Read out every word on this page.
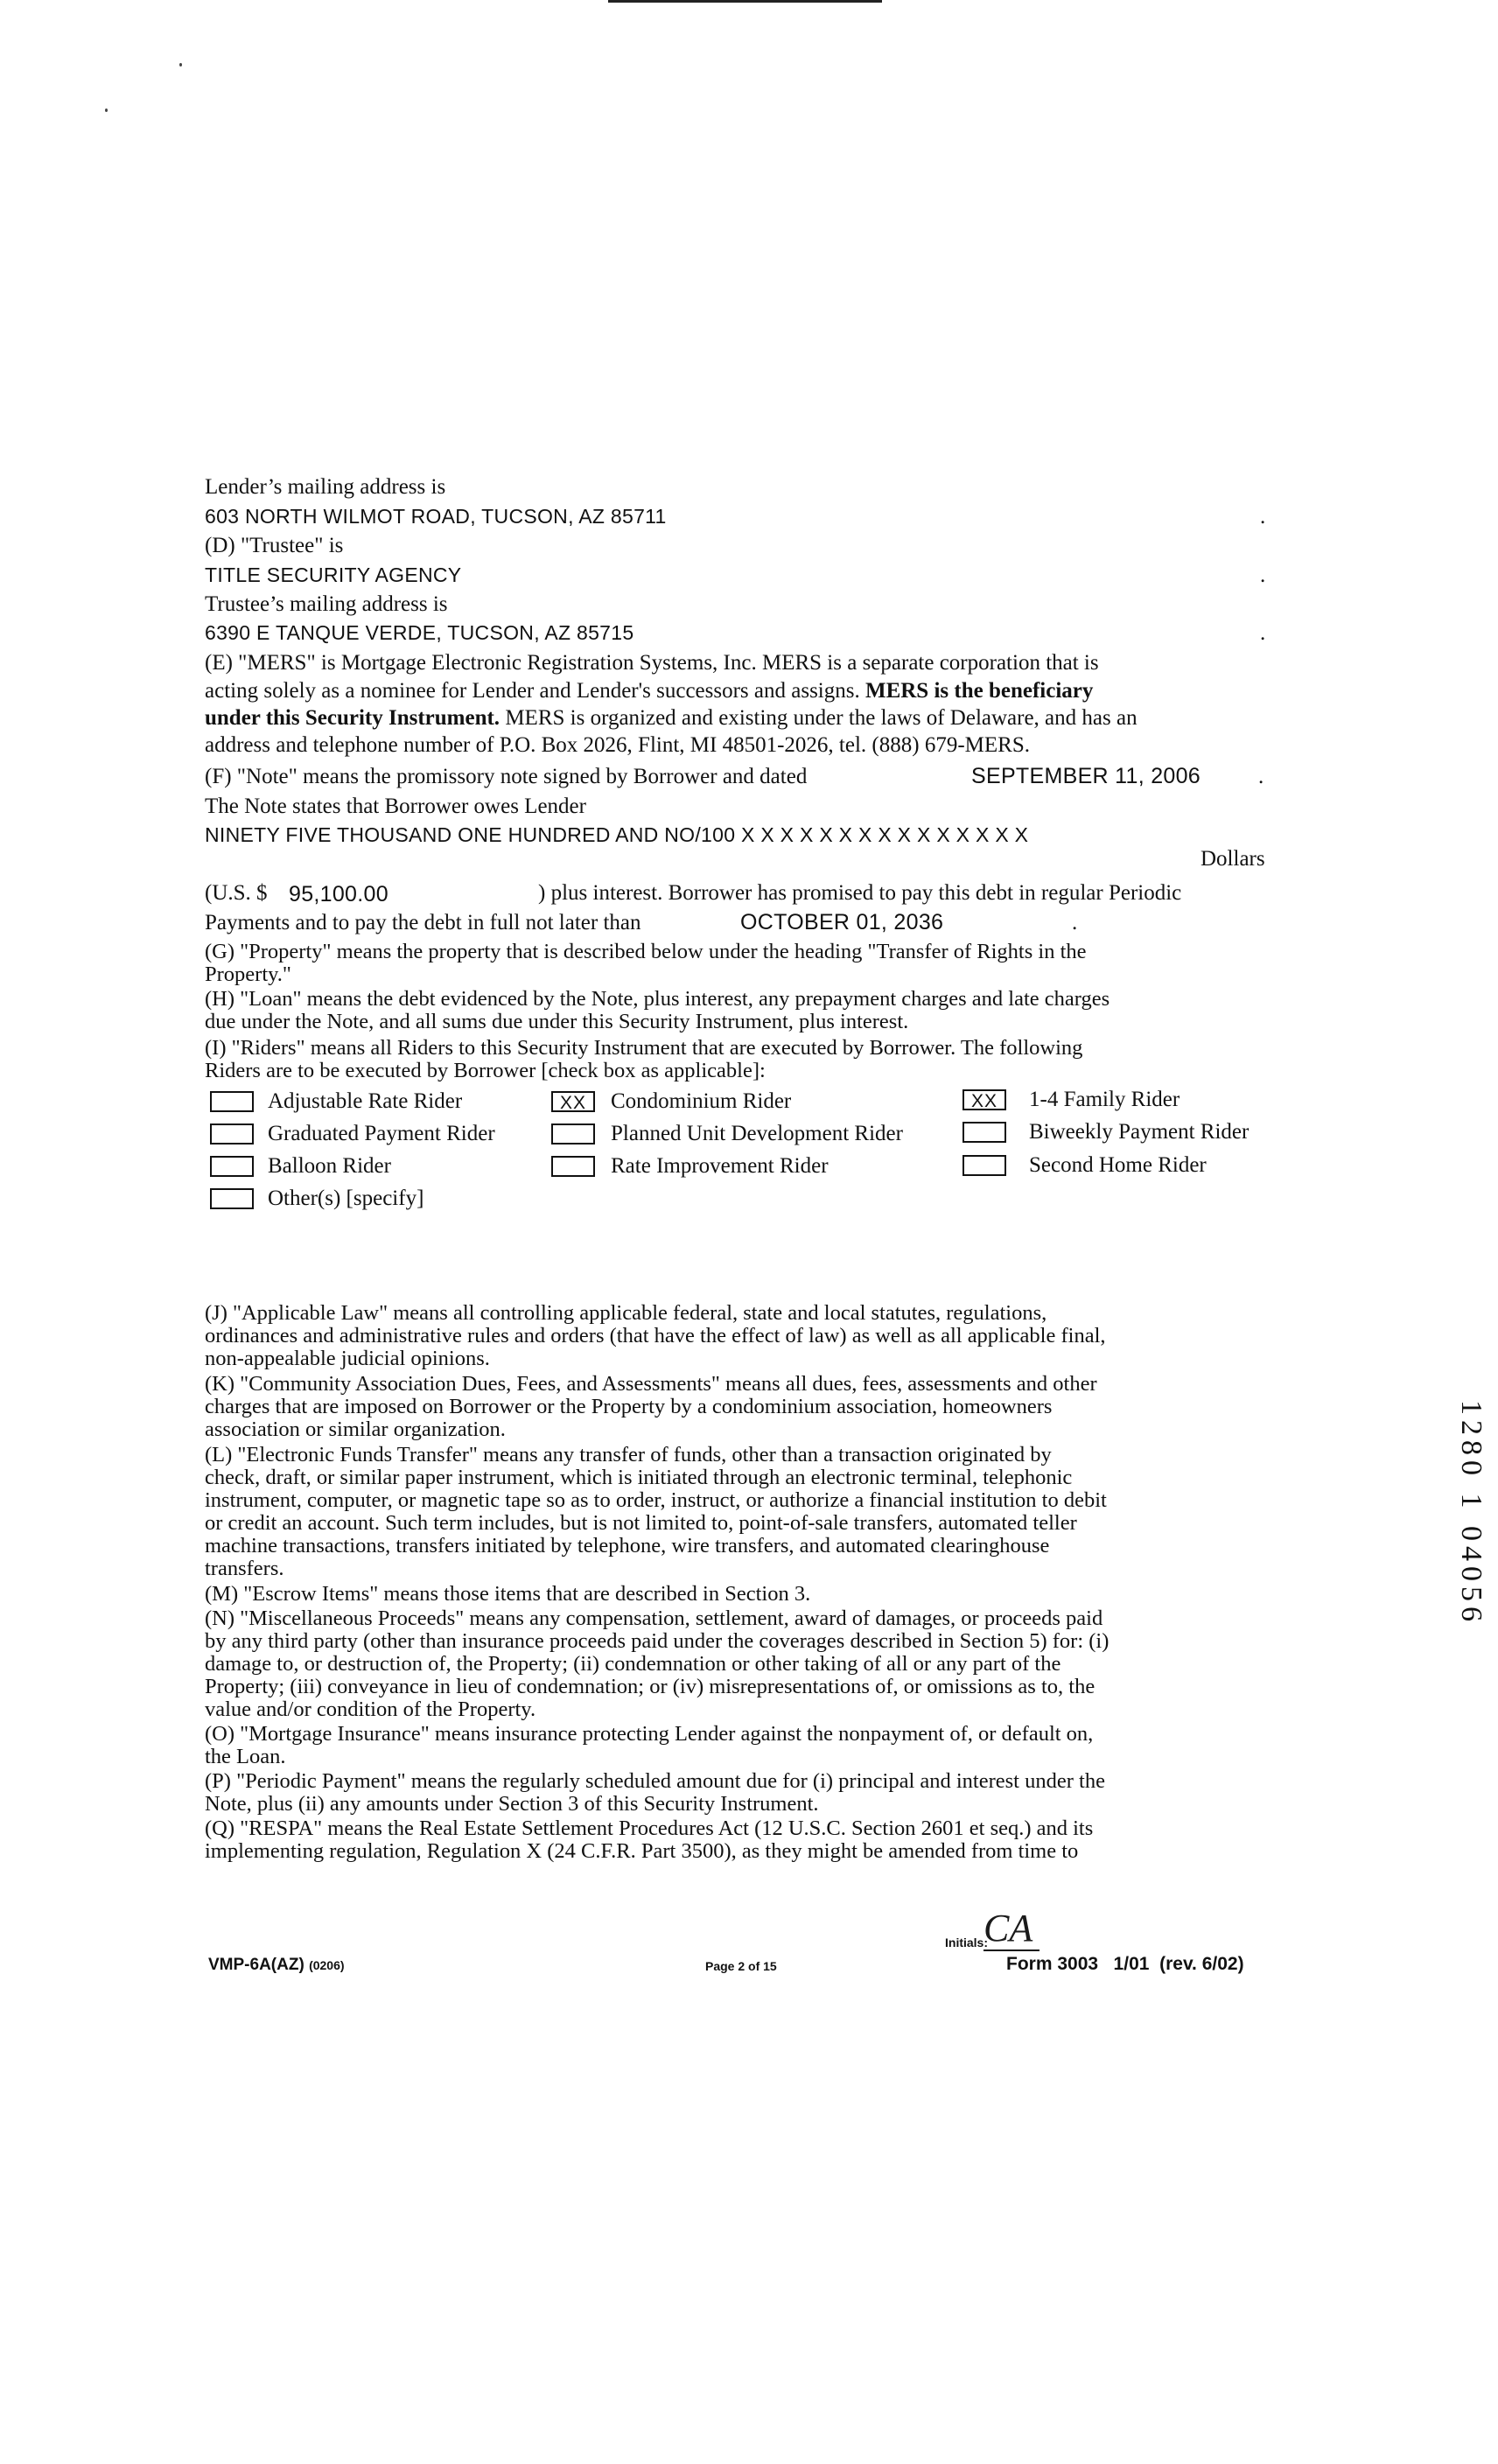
Lender’s mailing address is
603 NORTH WILMOT ROAD, TUCSON, AZ 85711	.
(D) "Trustee" is
TITLE SECURITY AGENCY	.
Trustee’s mailing address is
6390 E TANQUE VERDE, TUCSON, AZ 85715	.
(E) "MERS" is Mortgage Electronic Registration Systems, Inc. MERS is a separate corporation that is
acting solely as a nominee for Lender and Lender's successors and assigns. MERS is the beneficiary
under this Security Instrument. MERS is organized and existing under the laws of Delaware, and has an
address and telephone number of P.O. Box 2026, Flint, MI 48501-2026, tel. (888) 679-MERS.
(F) "Note" means the promissory note signed by Borrower and dated	SEPTEMBER 11, 2006	.
The Note states that Borrower owes Lender
NINETY FIVE THOUSAND ONE HUNDRED AND NO/100 X X X X X X X X X X X X X X X
Dollars
(U.S. $ 95,100.00	) plus interest. Borrower has promised to pay this debt in regular Periodic
Payments and to pay the debt in full not later than	OCTOBER 01, 2036	.
(G) "Property" means the property that is described below under the heading "Transfer of Rights in the
Property."
(H) "Loan" means the debt evidenced by the Note, plus interest, any prepayment charges and late charges
due under the Note, and all sums due under this Security Instrument, plus interest.
(I) "Riders" means all Riders to this Security Instrument that are executed by Borrower. The following
Riders are to be executed by Borrower [check box as applicable]:
Adjustable Rate Rider	XX	Condominium Rider	XX	1-4 Family Rider
Graduated Payment Rider	Planned Unit Development Rider	Biweekly Payment Rider
Balloon Rider	Rate Improvement Rider	Second Home Rider
Other(s) [specify]
(J) "Applicable Law" means all controlling applicable federal, state and local statutes, regulations,
ordinances and administrative rules and orders (that have the effect of law) as well as all applicable final,
non-appealable judicial opinions.
(K) "Community Association Dues, Fees, and Assessments" means all dues, fees, assessments and other
charges that are imposed on Borrower or the Property by a condominium association, homeowners
association or similar organization.
(L) "Electronic Funds Transfer" means any transfer of funds, other than a transaction originated by
check, draft, or similar paper instrument, which is initiated through an electronic terminal, telephonic
instrument, computer, or magnetic tape so as to order, instruct, or authorize a financial institution to debit
or credit an account. Such term includes, but is not limited to, point-of-sale transfers, automated teller
machine transactions, transfers initiated by telephone, wire transfers, and automated clearinghouse
transfers.
(M) "Escrow Items" means those items that are described in Section 3.
(N) "Miscellaneous Proceeds" means any compensation, settlement, award of damages, or proceeds paid
by any third party (other than insurance proceeds paid under the coverages described in Section 5) for: (i)
damage to, or destruction of, the Property; (ii) condemnation or other taking of all or any part of the
Property; (iii) conveyance in lieu of condemnation; or (iv) misrepresentations of, or omissions as to, the
value and/or condition of the Property.
(O) "Mortgage Insurance" means insurance protecting Lender against the nonpayment of, or default on,
the Loan.
(P) "Periodic Payment" means the regularly scheduled amount due for (i) principal and interest under the
Note, plus (ii) any amounts under Section 3 of this Security Instrument.
(Q) "RESPA" means the Real Estate Settlement Procedures Act (12 U.S.C. Section 2601 et seq.) and its
implementing regulation, Regulation X (24 C.F.R. Part 3500), as they might be amended from time to
1280 1 04056
Initials:
CA
VMP-6A(AZ) (0206)	Page 2 of 15	Form 3003   1/01  (rev. 6/02)
